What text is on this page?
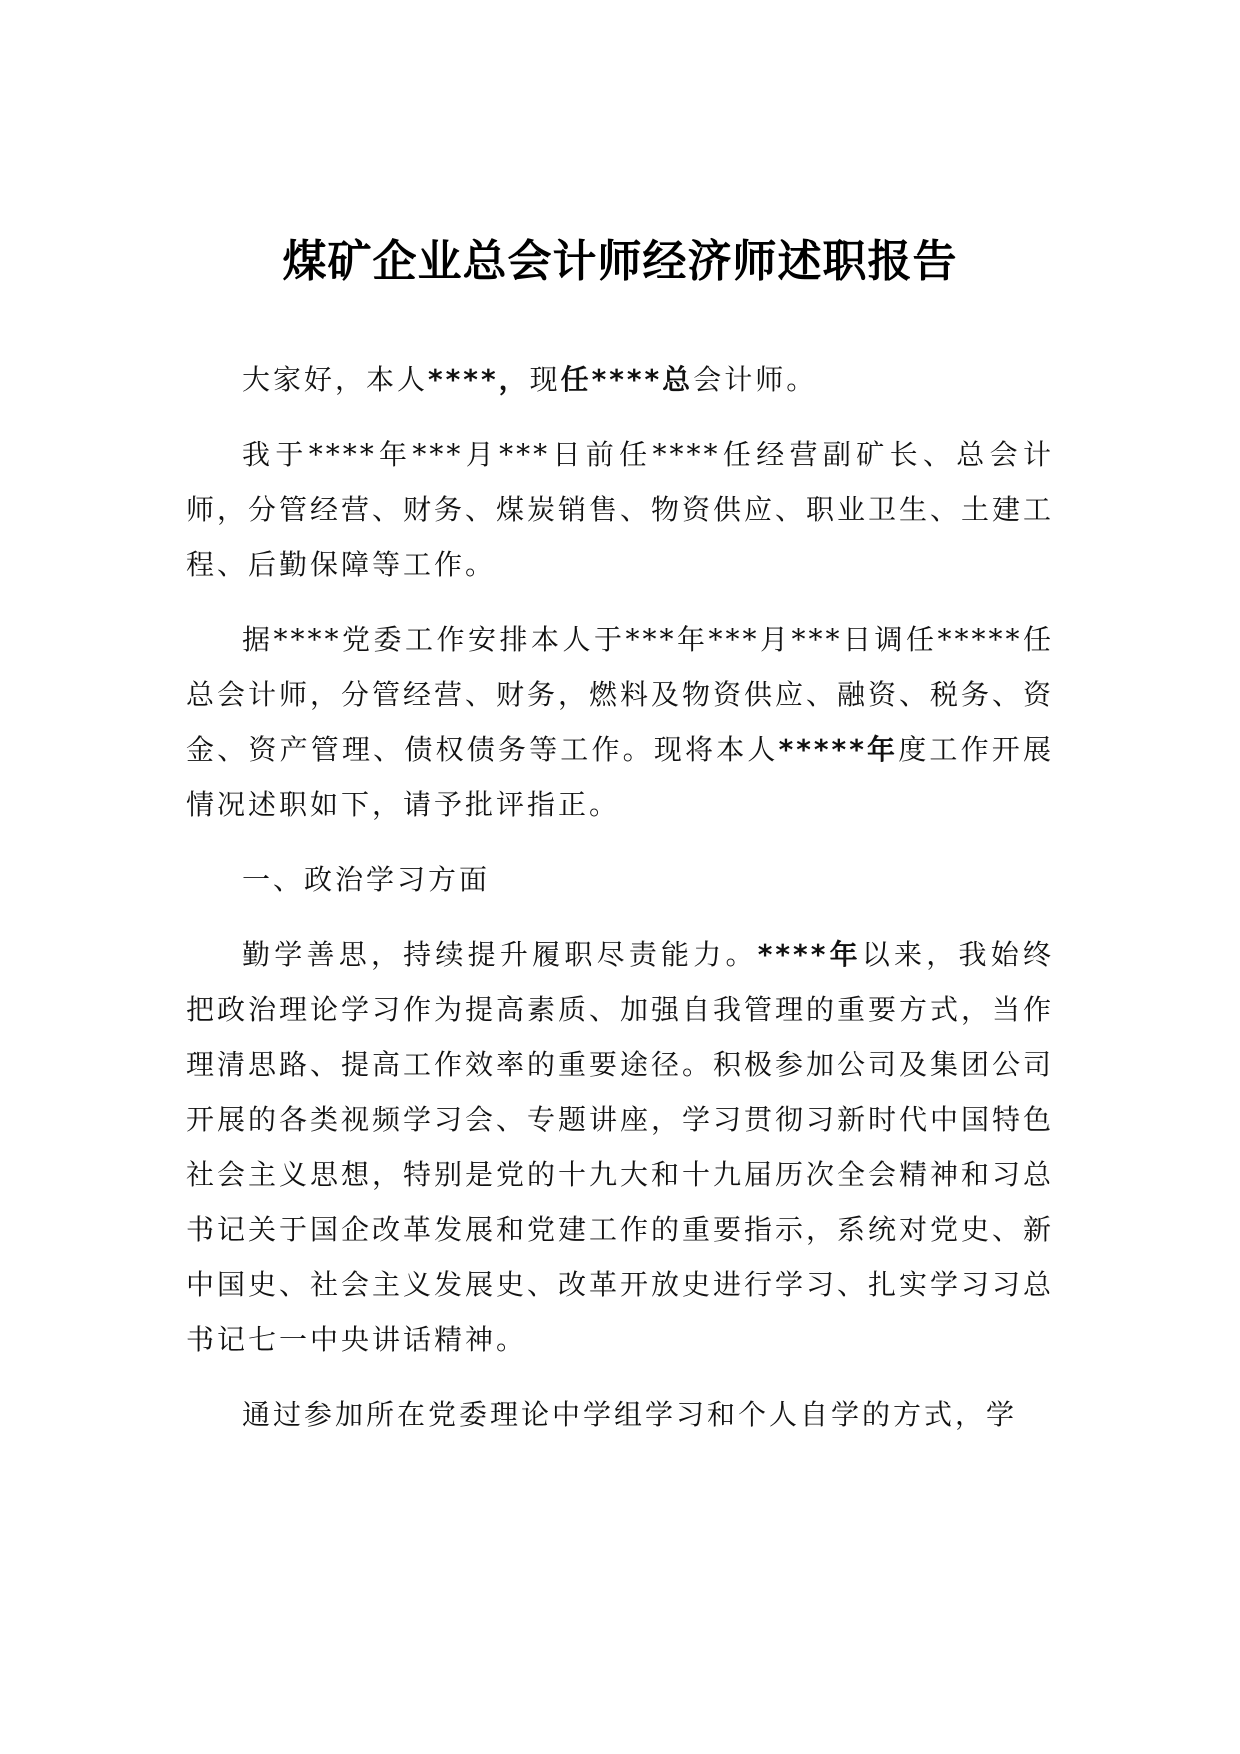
煤矿企业总会计师经济师述职报告

大家好，本人****，现任****总会计师。

我于****年***月***日前任****任经营副矿长、总会计师，分管经营、财务、煤炭销售、物资供应、职业卫生、土建工程、后勤保障等工作。

据****党委工作安排本人于***年***月***日调任*****任总会计师，分管经营、财务，燃料及物资供应、融资、税务、资金、资产管理、债权债务等工作。现将本人*****年度工作开展情况述职如下，请予批评指正。

一、政治学习方面

勤学善思，持续提升履职尽责能力。****年以来，我始终把政治理论学习作为提高素质、加强自我管理的重要方式，当作理清思路、提高工作效率的重要途径。积极参加公司及集团公司开展的各类视频学习会、专题讲座，学习贯彻习新时代中国特色社会主义思想，特别是党的十九大和十九届历次全会精神和习总书记关于国企改革发展和党建工作的重要指示，系统对党史、新中国史、社会主义发展史、改革开放史进行学习、扎实学习习总书记七一中央讲话精神。

通过参加所在党委理论中学组学习和个人自学的方式，学
